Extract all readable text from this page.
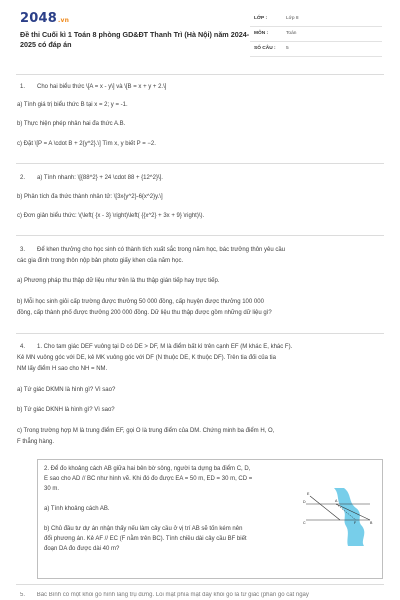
2048.vn
Đề thi Cuối kì 1 Toán 8 phòng GD&ĐT Thanh Trì (Hà Nội) năm 2024-2025 có đáp án
LỚP :	Lớp 8
MÔN :	Toán
SỐ CÂU : 5
1. Cho hai biểu thức \[A = x - y\] và \[B = x + y + 2.\]
a) Tính giá trị biểu thức B tại x = 2; y = -1.
b) Thực hiện phép nhân hai đa thức A.B.
c) Đặt \[P = A \cdot B + 2{y^2}.\] Tìm x, y biết P = −2.
2. a) Tính nhanh: \[{88^2} + 24 \cdot 88 + {12^2}\].
b) Phân tích đa thức thành nhân tử: \[3x{y^2}-6{x^2}y.\]
c) Đơn giản biểu thức: \(\left( {x - 3} \right)\left( {{x^2} + 3x + 9} \right)\).
3. Để khen thưởng cho học sinh có thành tích xuất sắc trong năm học, bác trưởng thôn yêu cầu
các gia đình trong thôn nộp bản photo giấy khen của năm học.
a) Phương pháp thu thập dữ liệu như trên là thu thập gián tiếp hay trực tiếp.
b) Mỗi học sinh giỏi cấp trường được thưởng 50 000 đồng, cấp huyện được thưởng 100 000
đồng, cấp thành phố được thưởng 200 000 đồng. Dữ liệu thu thập được gồm những dữ liệu gì?
4. 1. Cho tam giác DEF vuông tại D có DE > DF, M là điểm bất kì trên cạnh EF (M khác E, khác F).
Kẻ MN vuông góc với DE, kẻ MK vuông góc với DF (N thuộc DE, K thuộc DF). Trên tia đối của tia
NM lấy điểm H sao cho NH = NM.
a) Tứ giác DKMN là hình gì? Vì sao?
b) Tứ giác DKNH là hình gì? Vì sao?
c) Trong trường hợp M là trung điểm EF, gọi O là trung điểm của DM. Chứng minh ba điểm H, O,
F thẳng hàng.
2. Để đo khoảng cách AB giữa hai bên bờ sông, người ta dựng ba điểm C, D,
E sao cho AD // BC như hình vẽ. Khi đó đo được EA = 50 m, ED = 30 m, CD =
30 m.
a) Tính khoảng cách AB.
b) Chủ đầu tư dự án nhận thấy nếu làm cây cầu ở vị trí AB sẽ tốn kém nên
đổi phương án. Kẻ AF // EC (F nằm trên BC). Tính chiều dài cây cầu BF biết
đoạn DA đo được dài 40 m?
E
D
C
A
B
F
5. Bác Bình có một khối gỗ hình lăng trụ đứng. Lồi mặt phía mặt đáy khối gỗ là tứ giác (phần gỗ cắt ngay
